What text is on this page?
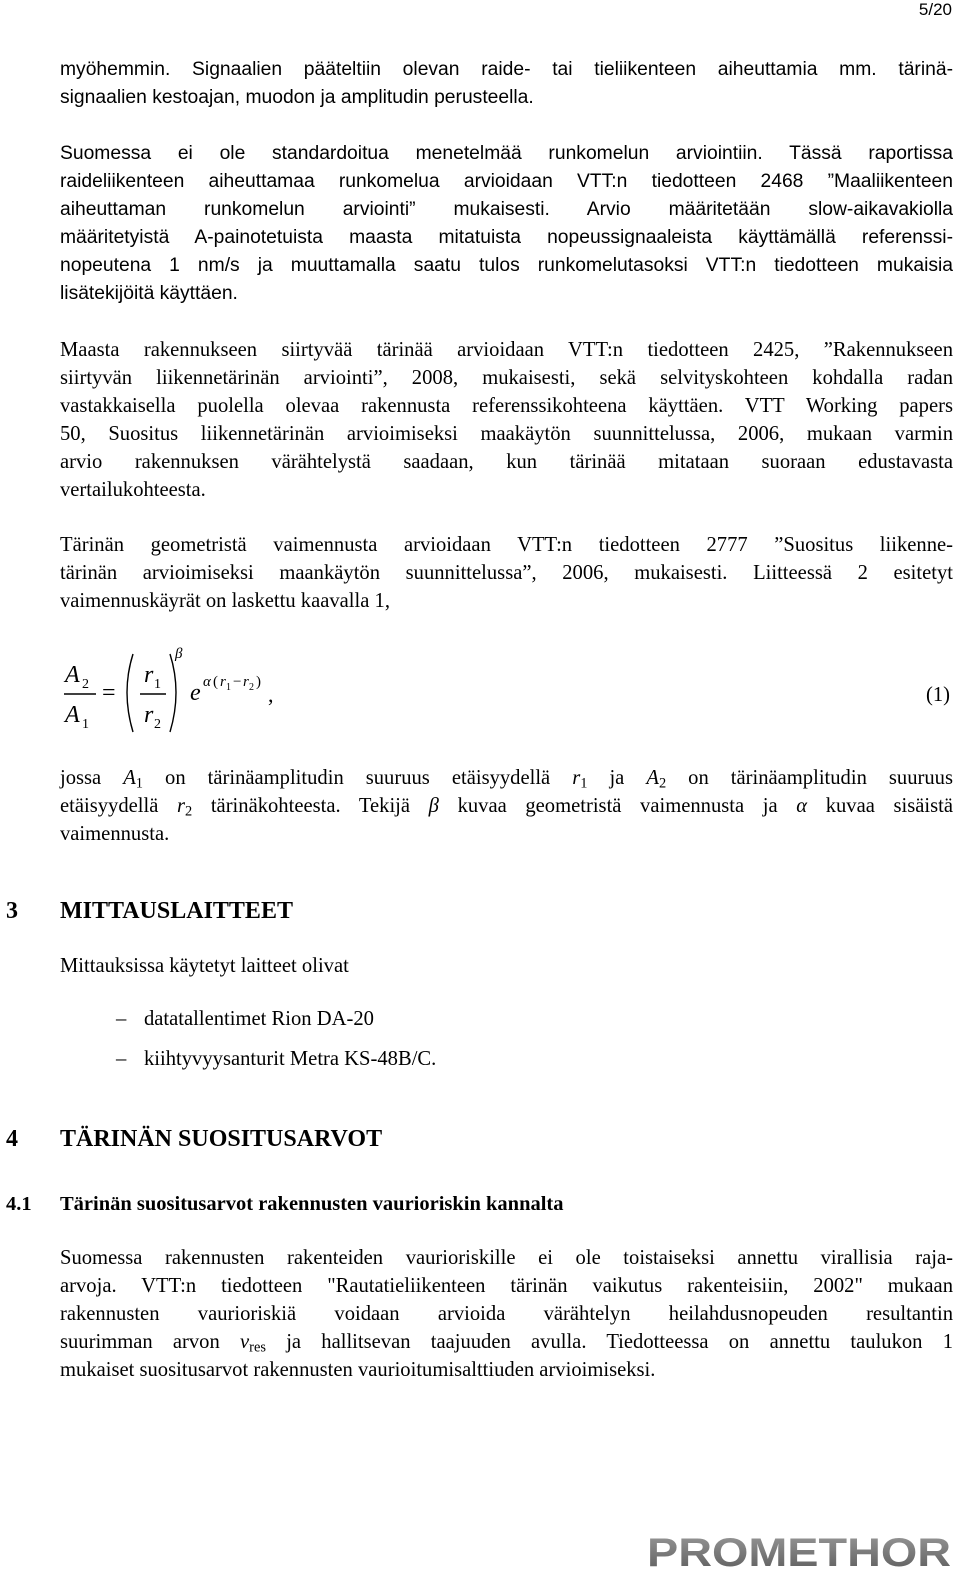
5/20
myöhemmin. Signaalien pääteltiin olevan raide- tai tieliikenteen aiheuttamia mm. tärinä-
signaalien kestoajan, muodon ja amplitudin perusteella.
Suomessa ei ole standardoitua menetelmää runkomelun arviointiin. Tässä raportissa
raideliikenteen aiheuttamaa runkomelua arvioidaan VTT:n tiedotteen 2468 ”Maaliikenteen
aiheuttaman runkomelun arviointi” mukaisesti. Arvio määritetään slow-aikavakiolla
määritetyistä A-painotetuista maasta mitatuista nopeussignaaleista käyttämällä referenssi-
nopeutena 1 nm/s ja muuttamalla saatu tulos runkomelutasoksi VTT:n tiedotteen mukaisia
lisätekijöitä käyttäen.
Maasta rakennukseen siirtyvää tärinää arvioidaan VTT:n tiedotteen 2425, ”Rakennukseen
siirtyvän liikennetärinän arviointi”, 2008, mukaisesti, sekä selvityskohteen kohdalla radan
vastakkaisella puolella olevaa rakennusta referenssikohteena käyttäen. VTT Working papers
50, Suositus liikennetärinän arvioimiseksi maakäytön suunnittelussa, 2006, mukaan varmin
arvio rakennuksen värähtelystä saadaan, kun tärinää mitataan suoraan edustavasta
vertailukohteesta.
Tärinän geometristä vaimennusta arvioidaan VTT:n tiedotteen 2777 ”Suositus liikenne-
tärinän arvioimiseksi maankäytön suunnittelussa”, 2006, mukaisesti. Liitteessä 2 esitetyt
vaimennuskäyrät on laskettu kaavalla 1,
A 2
A 1
=
r 1
r 2
β
e α ( r 1 − r 2 ) ,	(1)
jossa $A_1$ on tärinäamplitudin suuruus etäisyydellä $r_1$ ja $A_2$ on tärinäamplitudin suuruus
etäisyydellä $r_2$ tärinäkohteesta. Tekijä β kuvaa geometristä vaimennusta ja α kuvaa sisäistä
vaimennusta.
3 MITTAUSLAITTEET
Mittauksissa käytetyt laitteet olivat
– datatallentimet Rion DA-20
– kiihtyvyysanturit Metra KS-48B/C.
4 TÄRINÄN SUOSITUSARVOT
4.1 Tärinän suositusarvot rakennusten vaurioriskin kannalta
Suomessa rakennusten rakenteiden vaurioriskille ei ole toistaiseksi annettu virallisia raja-
arvoja. VTT:n tiedotteen "Rautatieliikenteen tärinän vaikutus rakenteisiin, 2002" mukaan
rakennusten vaurioriskiä voidaan arvioida värähtelyn heilahdusnopeuden resultantin
suurimman arvon $v_{res}$ ja hallitsevan taajuuden avulla. Tiedotteessa on annettu taulukon 1
mukaiset suositusarvot rakennusten vaurioitumisalttiuden arvioimiseksi.
PROMETHOR
